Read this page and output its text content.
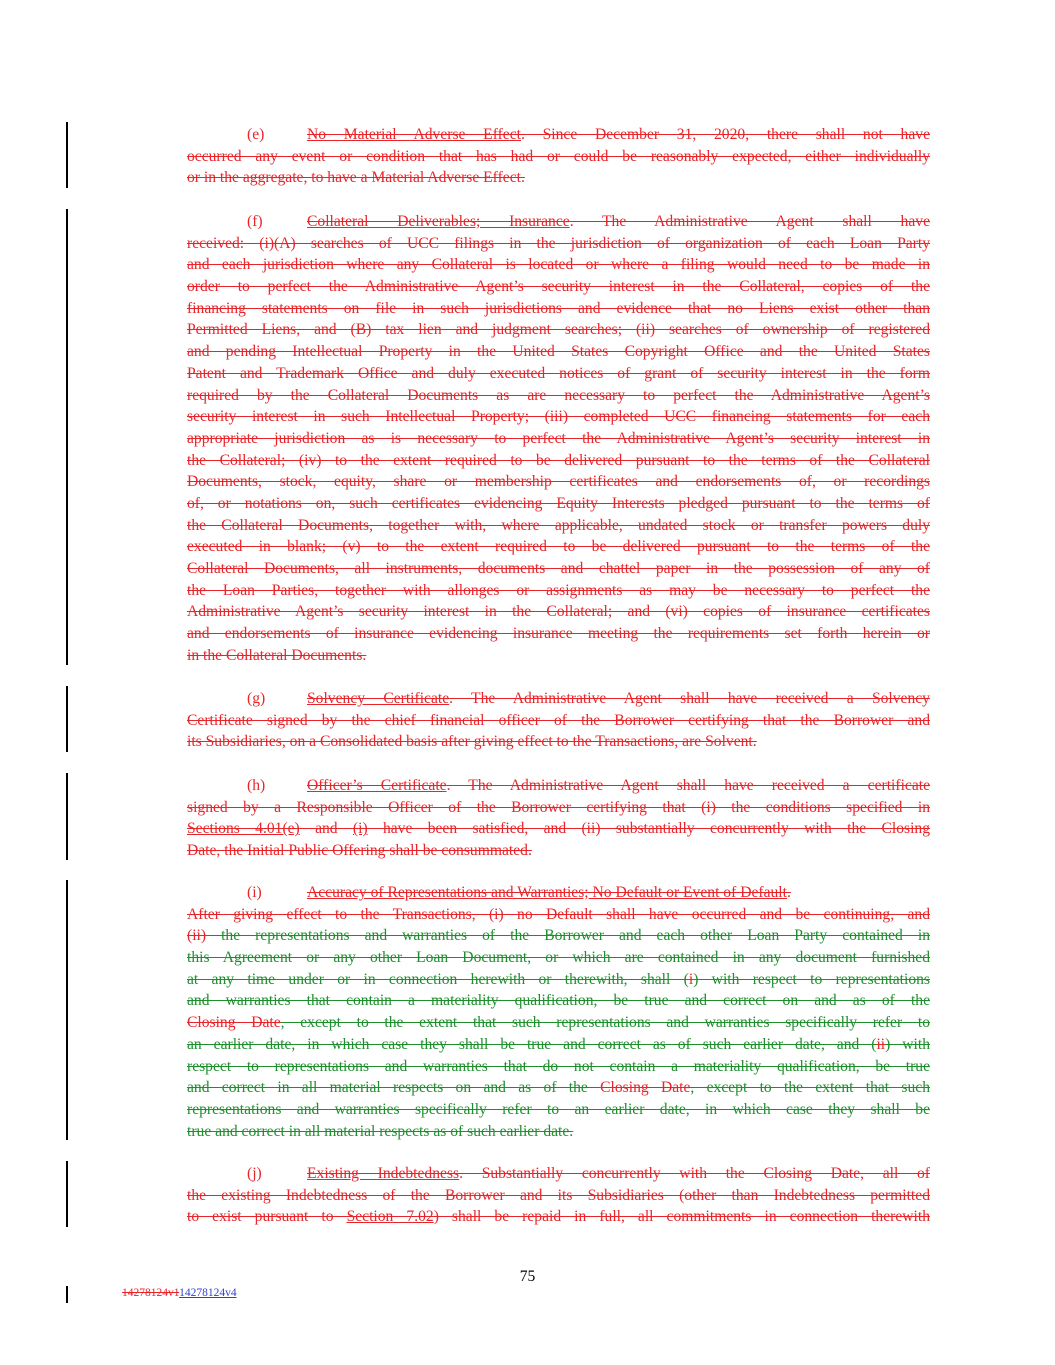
(e)	No Material Adverse Effect. Since December 31, 2020, there shall not have
occurred any event or condition that has had or could be reasonably expected, either individually
or in the aggregate, to have a Material Adverse Effect.
(f)	Collateral Deliverables; Insurance. The Administrative Agent shall have
received: (i)(A) searches of UCC filings in the jurisdiction of organization of each Loan Party
and each jurisdiction where any Collateral is located or where a filing would need to be made in
order to perfect the Administrative Agent’s security interest in the Collateral, copies of the
financing statements on file in such jurisdictions and evidence that no Liens exist other than
Permitted Liens, and (B) tax lien and judgment searches; (ii) searches of ownership of registered
and pending Intellectual Property in the United States Copyright Office and the United States
Patent and Trademark Office and duly executed notices of grant of security interest in the form
required by the Collateral Documents as are necessary to perfect the Administrative Agent’s
security interest in such Intellectual Property; (iii) completed UCC financing statements for each
appropriate jurisdiction as is necessary to perfect the Administrative Agent’s security interest in
the Collateral; (iv) to the extent required to be delivered pursuant to the terms of the Collateral
Documents, stock, equity, share or membership certificates and endorsements of, or recordings
of, or notations on, such certificates evidencing Equity Interests pledged pursuant to the terms of
the Collateral Documents, together with, where applicable, undated stock or transfer powers duly
executed in blank; (v) to the extent required to be delivered pursuant to the terms of the
Collateral Documents, all instruments, documents and chattel paper in the possession of any of
the Loan Parties, together with allonges or assignments as may be necessary to perfect the
Administrative Agent’s security interest in the Collateral; and (vi) copies of insurance certificates
and endorsements of insurance evidencing insurance meeting the requirements set forth herein or
in the Collateral Documents.
(g)	Solvency Certificate. The Administrative Agent shall have received a Solvency
Certificate signed by the chief financial officer of the Borrower certifying that the Borrower and
its Subsidiaries, on a Consolidated basis after giving effect to the Transactions, are Solvent.
(h)	Officer’s Certificate. The Administrative Agent shall have received a certificate
signed by a Responsible Officer of the Borrower certifying that (i) the conditions specified in
Sections 4.01(e) and (i) have been satisfied, and (ii) substantially concurrently with the Closing
Date, the Initial Public Offering shall be consummated.
(i)	Accuracy of Representations and Warranties; No Default or Event of Default.
After giving effect to the Transactions, (i) no Default shall have occurred and be continuing, and
(ii) the representations and warranties of the Borrower and each other Loan Party contained in
this Agreement or any other Loan Document, or which are contained in any document furnished
at any time under or in connection herewith or therewith, shall (i) with respect to representations
and warranties that contain a materiality qualification, be true and correct on and as of the
Closing Date, except to the extent that such representations and warranties specifically refer to
an earlier date, in which case they shall be true and correct as of such earlier date, and (ii) with
respect to representations and warranties that do not contain a materiality qualification, be true
and correct in all material respects on and as of the Closing Date, except to the extent that such
representations and warranties specifically refer to an earlier date, in which case they shall be
true and correct in all material respects as of such earlier date.
(j)	Existing Indebtedness. Substantially concurrently with the Closing Date, all of
the existing Indebtedness of the Borrower and its Subsidiaries (other than Indebtedness permitted
to exist pursuant to Section 7.02) shall be repaid in full, all commitments in connection therewith
75
14278124v114278124v4
